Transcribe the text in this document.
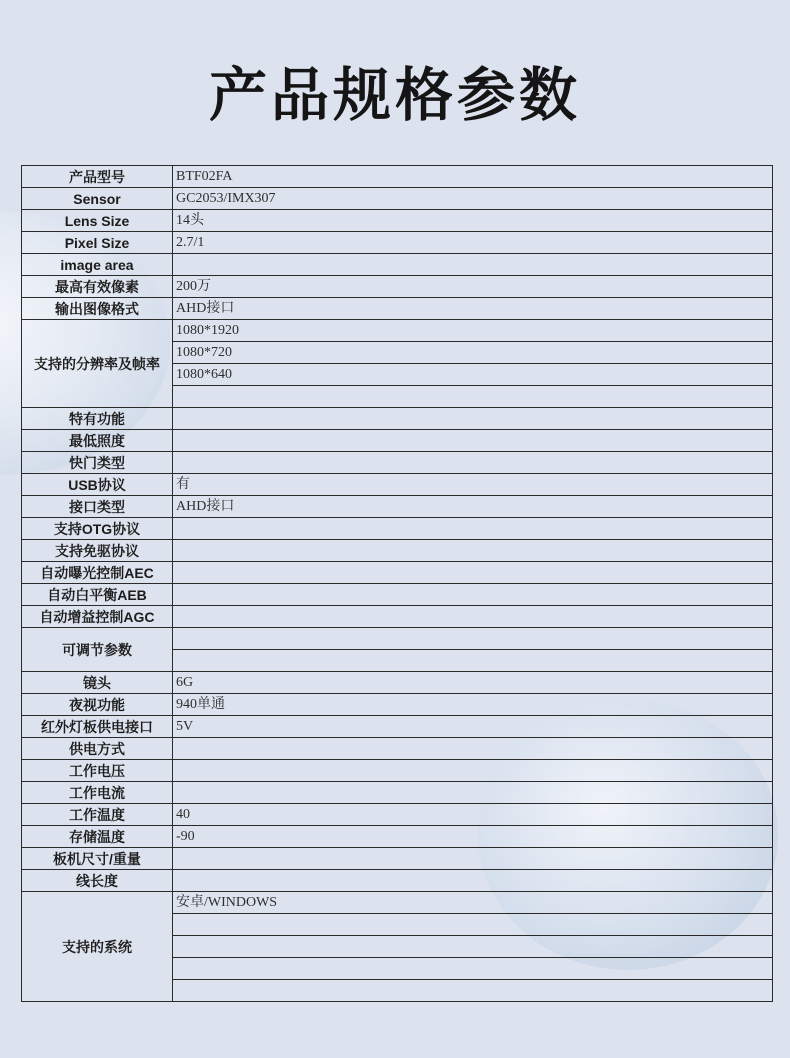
产品规格参数
产品型号	BTF02FA
Sensor	GC2053/IMX307
Lens Size	14头
Pixel Size	2.7/1
image area	
最高有效像素	200万
输出图像格式	AHD接口
支持的分辨率及帧率	1080*1920
	1080*720
	1080*640

特有功能	
最低照度	
快门类型	
USB协议	有
接口类型	AHD接口
支持OTG协议	
支持免驱协议	
自动曝光控制AEC	
自动白平衡AEB	
自动增益控制AGC	
可调节参数	

镜头	6G
夜视功能	940单通
红外灯板供电接口	5V
供电方式	
工作电压	
工作电流	
工作温度	40
存储温度	-90
板机尺寸/重量	
线长度	
支持的系统	安卓/WINDOWS
